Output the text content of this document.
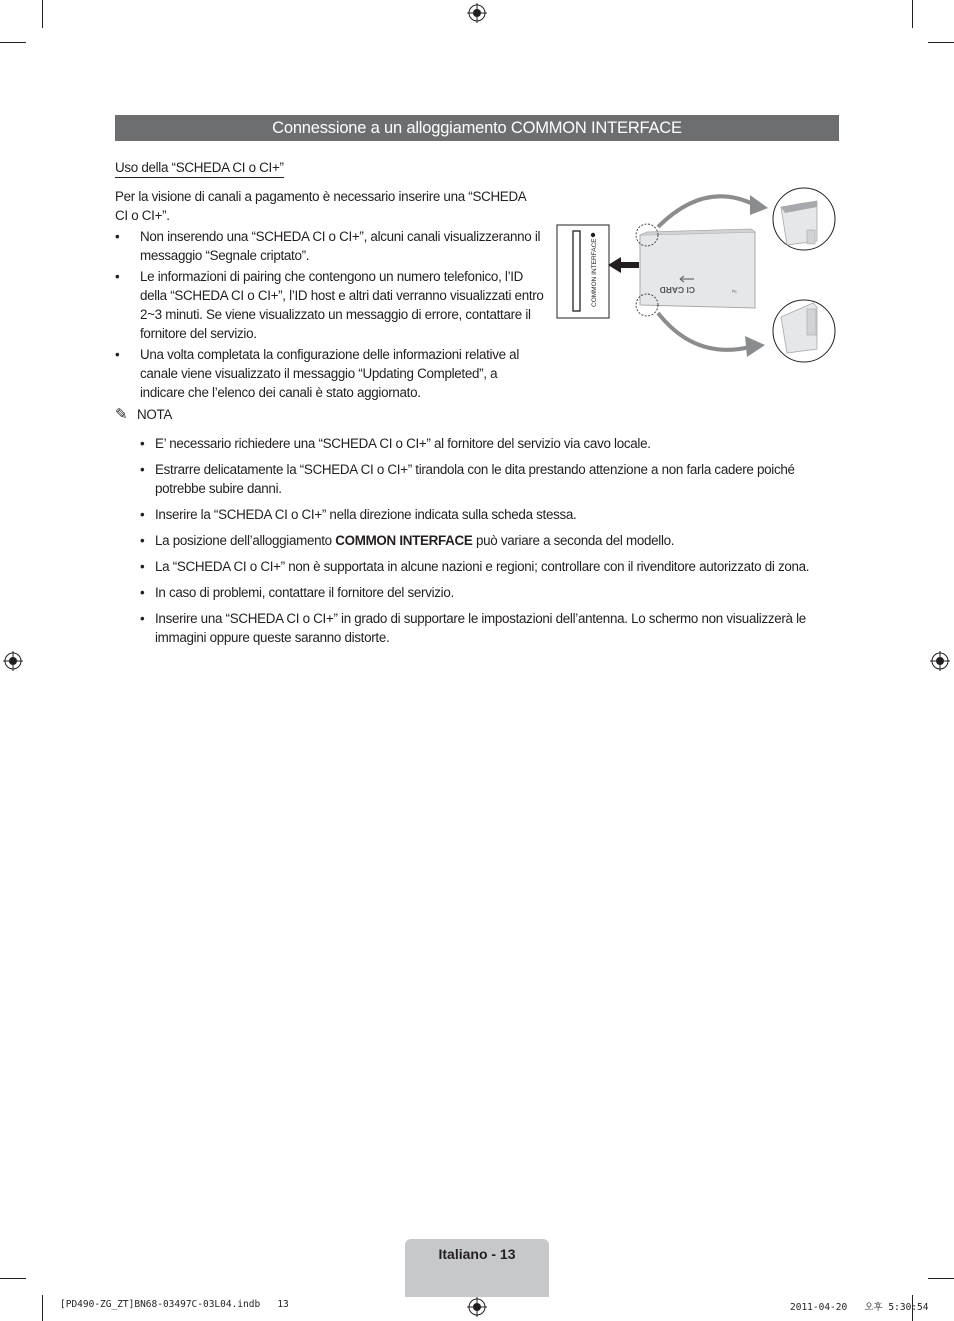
Connessione a un alloggiamento COMMON INTERFACE
Uso della “SCHEDA CI o CI+”
Per la visione di canali a pagamento è necessario inserire una “SCHEDA CI o CI+”.
• Non inserendo una “SCHEDA CI o CI+”, alcuni canali visualizzeranno il messaggio “Segnale criptato”.
• Le informazioni di pairing che contengono un numero telefonico, l’ID della “SCHEDA CI o CI+”, l’ID host e altri dati verranno visualizzati entro 2~3 minuti. Se viene visualizzato un messaggio di errore, contattare il fornitore del servizio.
• Una volta completata la configurazione delle informazioni relative al canale viene visualizzato il messaggio “Updating Completed”, a indicare che l’elenco dei canali è stato aggiornato.
COMMON INTERFACE	CI CARD	TM
✎ NOTA
• E’ necessario richiedere una “SCHEDA CI o CI+” al fornitore del servizio via cavo locale.
• Estrarre delicatamente la “SCHEDA CI o CI+” tirandola con le dita prestando attenzione a non farla cadere poiché potrebbe subire danni.
• Inserire la “SCHEDA CI o CI+” nella direzione indicata sulla scheda stessa.
• La posizione dell’alloggiamento COMMON INTERFACE può variare a seconda del modello.
• La “SCHEDA CI o CI+” non è supportata in alcune nazioni e regioni; controllare con il rivenditore autorizzato di zona.
• In caso di problemi, contattare il fornitore del servizio.
• Inserire una “SCHEDA CI o CI+” in grado di supportare le impostazioni dell’antenna. Lo schermo non visualizzerà le immagini oppure queste saranno distorte.
Italiano - 13
[PD490-ZG_ZT]BN68-03497C-03L04.indb   13	2011-04-20   오후 5:30:54
